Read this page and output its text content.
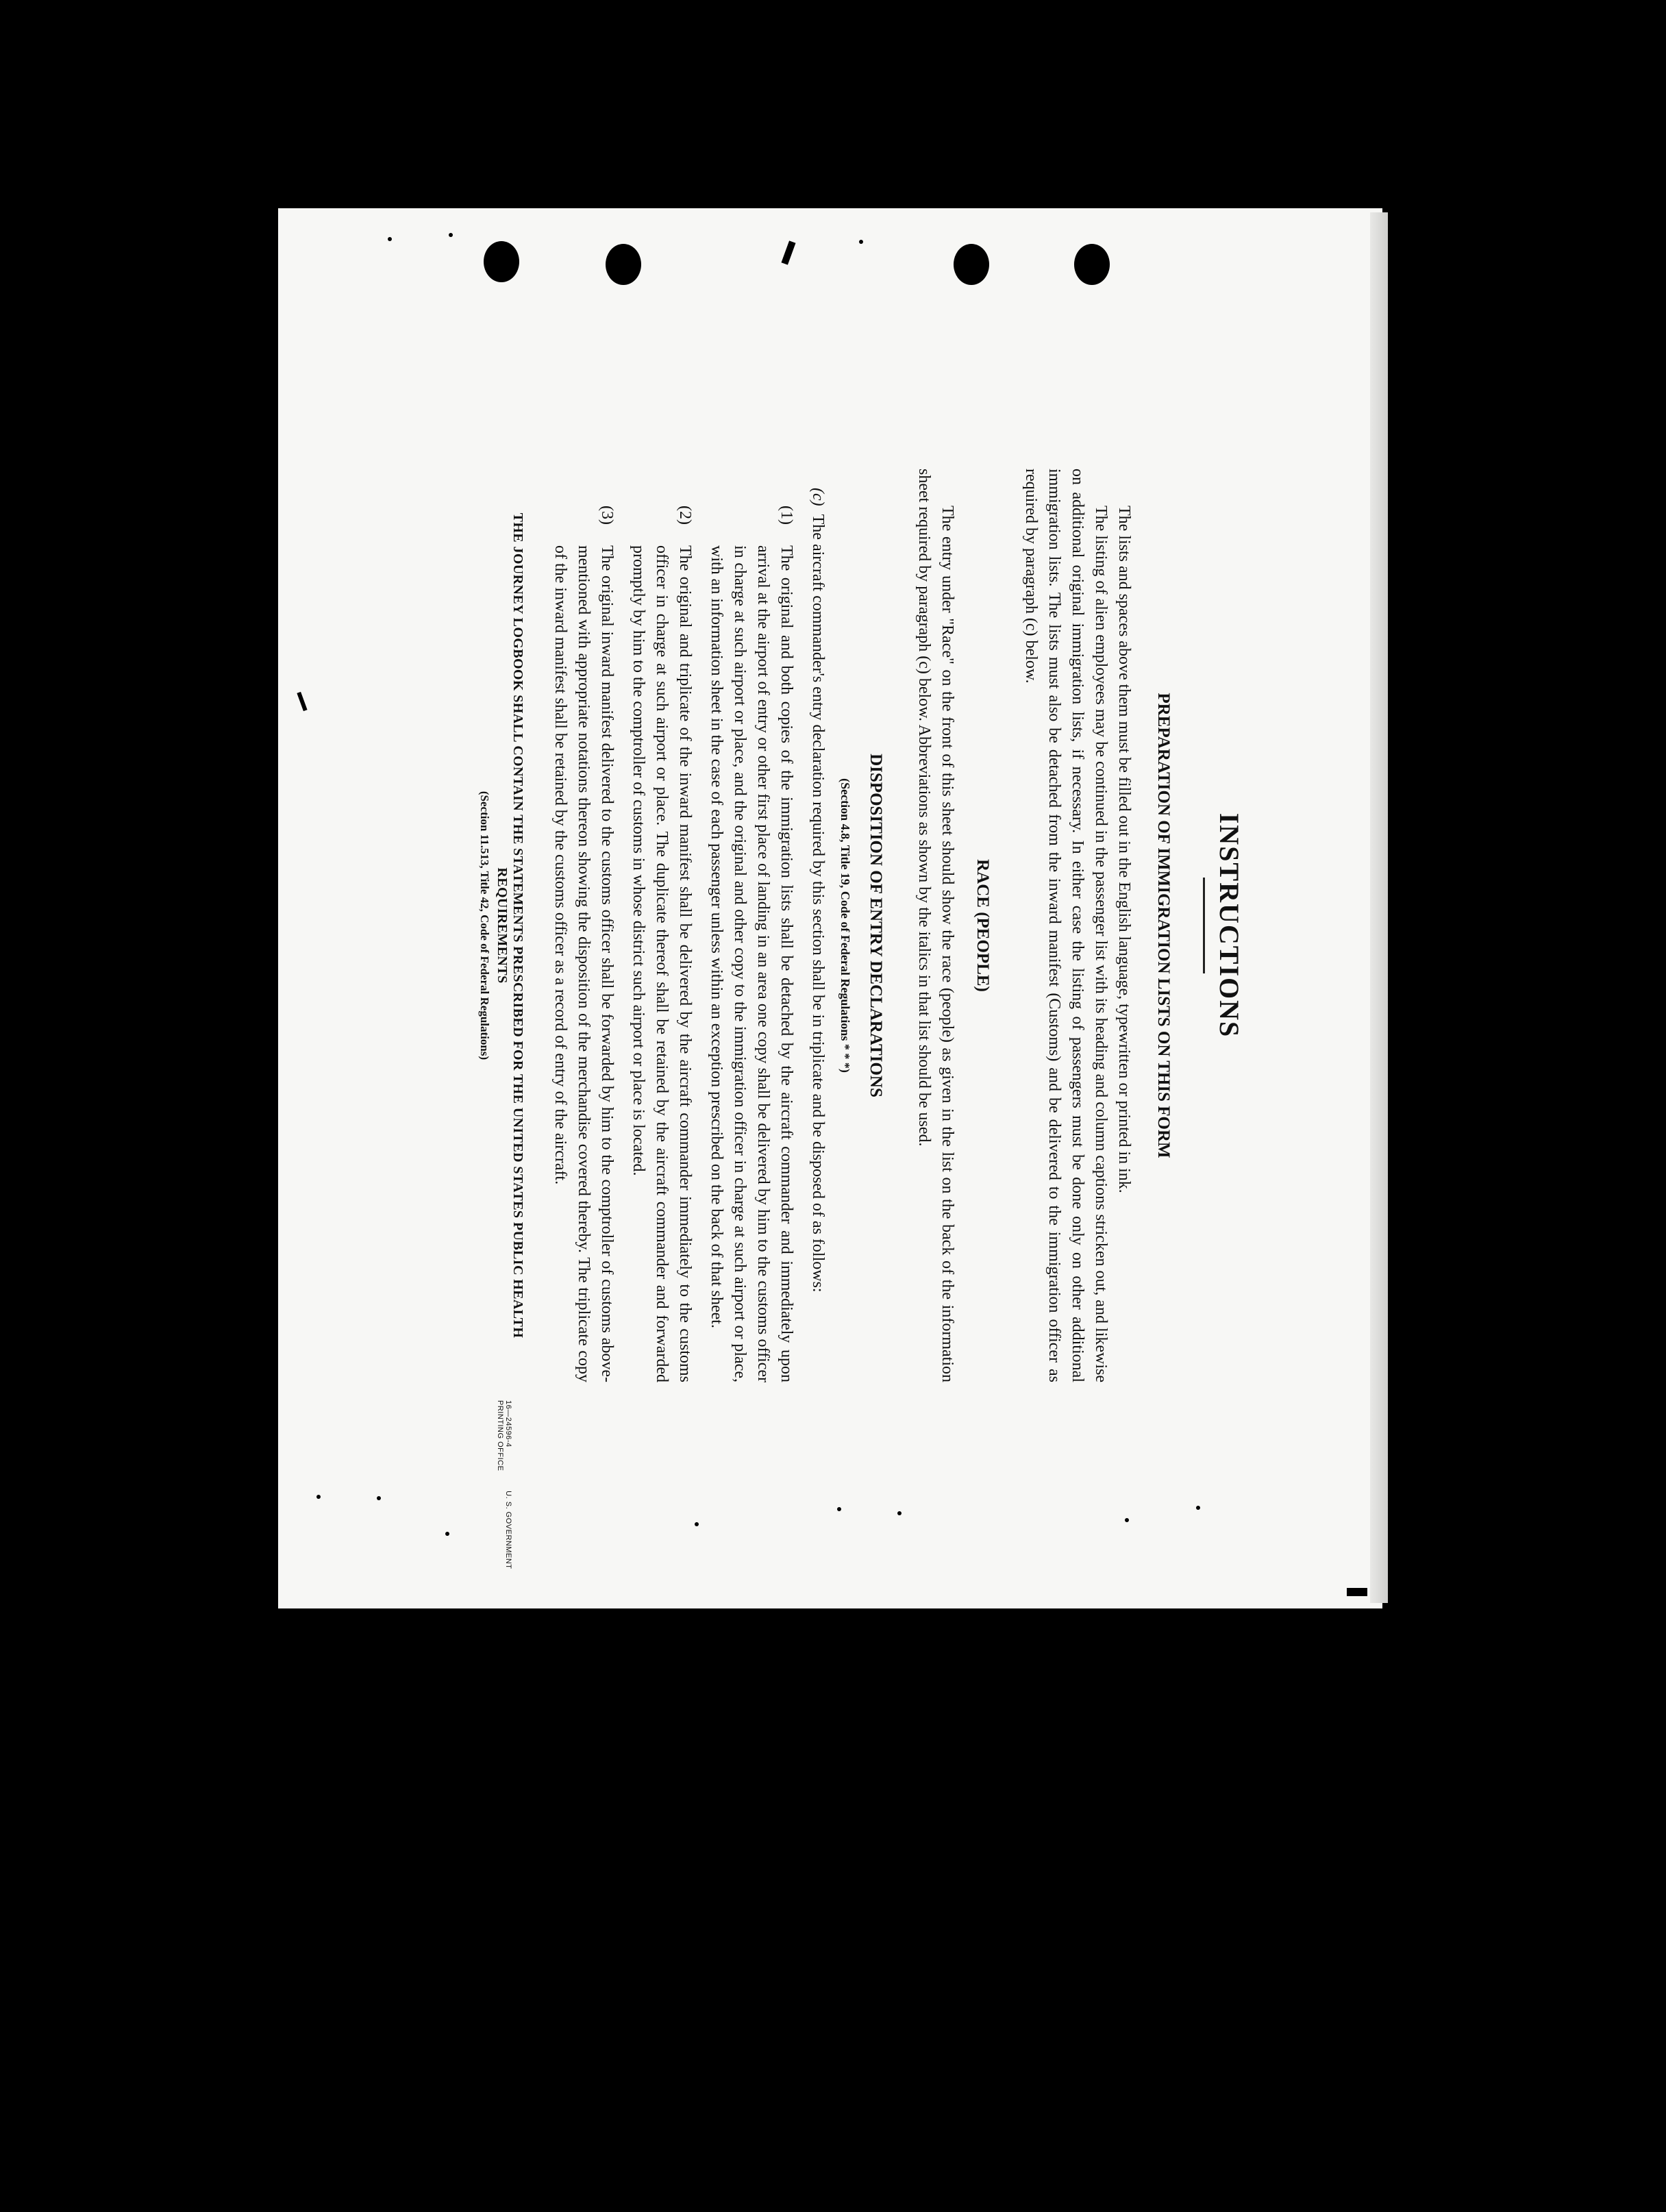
INSTRUCTIONS
PREPARATION OF IMMIGRATION LISTS ON THIS FORM

The lists and spaces above them must be filled out in the English language, typewritten or printed in ink.

The listing of alien employees may be continued in the passenger list with its heading and column captions stricken out, and likewise on additional original immigration lists, if necessary. In either case the listing of passengers must be done only on other additional immigration lists. The lists must also be detached from the inward manifest (Customs) and be delivered to the immigration officer as required by paragraph (c) below.

RACE (PEOPLE)

The entry under "Race" on the front of this sheet should show the race (people) as given in the list on the back of the information sheet required by paragraph (c) below. Abbreviations as shown by the italics in that list should be used.

DISPOSITION OF ENTRY DECLARATIONS
(Section 4.8, Title 19, Code of Federal Regulations * * *)

(c)  The aircraft commander's entry declaration required by this section shall be in triplicate and be disposed of as follows:

(1)
The original and both copies of the immigration lists shall be detached by the aircraft commander and immediately upon arrival at the airport of entry or other first place of landing in an area one copy shall be delivered by him to the customs officer in charge at such airport or place, and the original and other copy to the immigration officer in charge at such airport or place, with an information sheet in the case of each passenger unless within an exception prescribed on the back of that sheet.

(2)
The original and triplicate of the inward manifest shall be delivered by the aircraft commander immediately to the customs officer in charge at such airport or place. The duplicate thereof shall be retained by the aircraft commander and forwarded promptly by him to the comptroller of customs in whose district such airport or place is located.

(3)
The original inward manifest delivered to the customs officer shall be forwarded by him to the comptroller of customs above-mentioned with appropriate notations thereon showing the disposition of the merchandise covered thereby. The triplicate copy of the inward manifest shall be retained by the customs officer as a record of entry of the aircraft.

THE JOURNEY LOGBOOK SHALL CONTAIN THE STATEMENTS PRESCRIBED FOR THE UNITED STATES PUBLIC HEALTH REQUIREMENTS
(Section 11.513, Title 42, Code of Federal Regulations)
16—24596-4 U. S. GOVERNMENT PRINTING OFFICE
